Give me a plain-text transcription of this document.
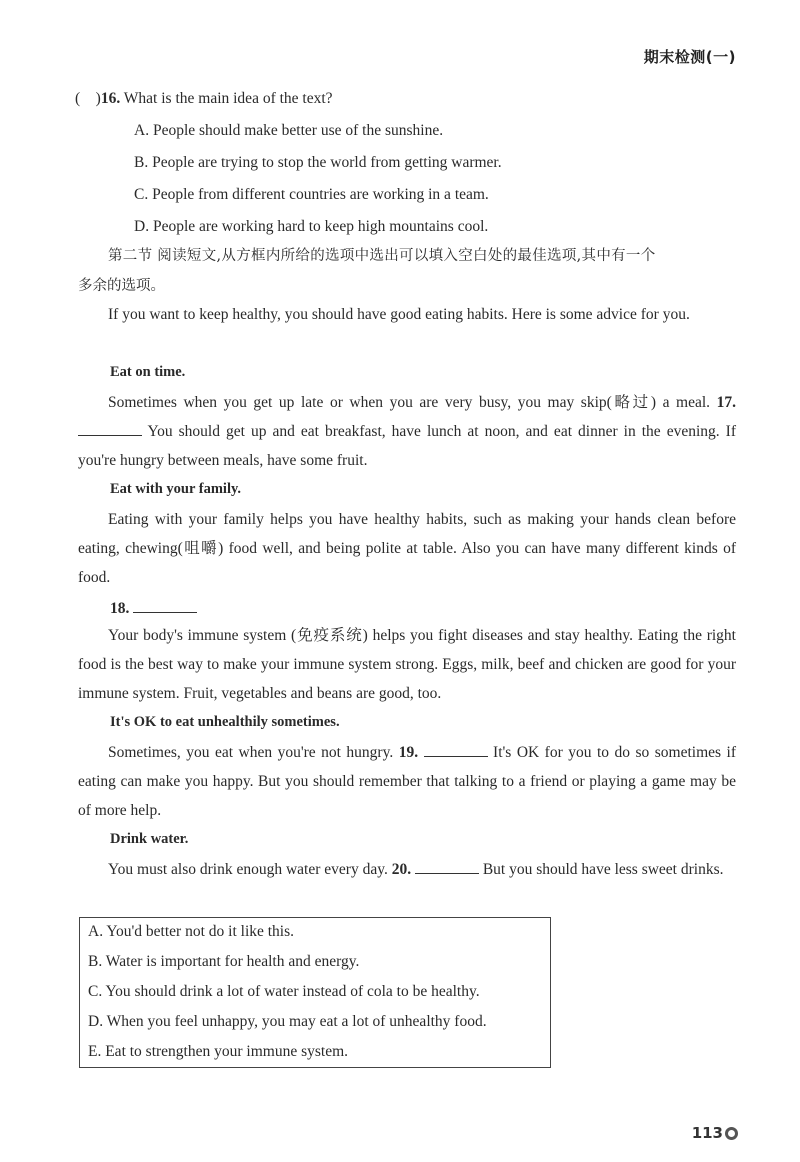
期末检测(一)
(    )16. What is the main idea of the text?
A. People should make better use of the sunshine.
B. People are trying to stop the world from getting warmer.
C. People from different countries are working in a team.
D. People are working hard to keep high mountains cool.
第二节 阅读短文,从方框内所给的选项中选出可以填入空白处的最佳选项,其中有一个
多余的选项。

If you want to keep healthy, you should have good eating habits. Here is some advice for you.

Eat on time.

Sometimes when you get up late or when you are very busy, you may skip(略过) a meal. 17.  You should get up and eat breakfast, have lunch at noon, and eat dinner in the evening. If you're hungry between meals, have some fruit.

Eat with your family.

Eating with your family helps you have healthy habits, such as making your hands clean before eating, chewing(咀嚼) food well, and being polite at table. Also you can have many different kinds of food.

18.

Your body's immune system (免疫系统) helps you fight diseases and stay healthy. Eating the right food is the best way to make your immune system strong. Eggs, milk, beef and chicken are good for your immune system. Fruit, vegetables and beans are good, too.

It's OK to eat unhealthily sometimes.

Sometimes, you eat when you're not hungry. 19.	It's OK for you to do so sometimes if eating can make you happy. But you should remember that talking to a friend or playing a game may be of more help.

Drink water.

You must also drink enough water every day. 20.	But you should have less sweet drinks.

A. You'd better not do it like this.
B. Water is important for health and energy.
C. You should drink a lot of water instead of cola to be healthy.
D. When you feel unhappy, you may eat a lot of unhealthy food.
E. Eat to strengthen your immune system.
113
